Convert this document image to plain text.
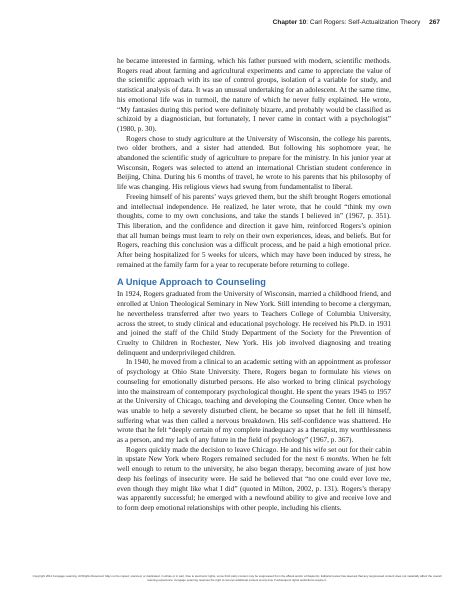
Chapter 10: Carl Rogers: Self-Actualization Theory 267

he became interested in farming, which his father pursued with modern, scientific methods. Rogers read about farming and agricultural experiments and came to appreciate the value of the scientific approach with its use of control groups, isolation of a variable for study, and statistical analysis of data. It was an unusual undertaking for an adolescent. At the same time, his emotional life was in turmoil, the nature of which he never fully explained. He wrote, “My fantasies during this period were definitely bizarre, and probably would be classified as schizoid by a diagnostician, but fortunately, I never came in contact with a psychologist” (1980, p. 30).

Rogers chose to study agriculture at the University of Wisconsin, the college his parents, two older brothers, and a sister had attended. But following his sophomore year, he abandoned the scientific study of agriculture to prepare for the ministry. In his junior year at Wisconsin, Rogers was selected to attend an international Christian student conference in Beijing, China. During his 6 months of travel, he wrote to his parents that his philosophy of life was changing. His religious views had swung from fundamentalist to liberal.

Freeing himself of his parents’ ways grieved them, but the shift brought Rogers emotional and intellectual independence. He realized, he later wrote, that he could “think my own thoughts, come to my own conclusions, and take the stands I believed in” (1967, p. 351). This liberation, and the confidence and direction it gave him, reinforced Rogers’s opinion that all human beings must learn to rely on their own experiences, ideas, and beliefs. But for Rogers, reaching this conclusion was a difficult process, and he paid a high emotional price. After being hospitalized for 5 weeks for ulcers, which may have been induced by stress, he remained at the family farm for a year to recuperate before returning to college.

A Unique Approach to Counseling

In 1924, Rogers graduated from the University of Wisconsin, married a childhood friend, and enrolled at Union Theological Seminary in New York. Still intending to become a clergyman, he nevertheless transferred after two years to Teachers College of Columbia University, across the street, to study clinical and educational psychology. He received his Ph.D. in 1931 and joined the staff of the Child Study Department of the Society for the Prevention of Cruelty to Children in Rochester, New York. His job involved diagnosing and treating delinquent and underprivileged children.

In 1940, he moved from a clinical to an academic setting with an appointment as professor of psychology at Ohio State University. There, Rogers began to formulate his views on counseling for emotionally disturbed persons. He also worked to bring clinical psychology into the mainstream of contemporary psychological thought. He spent the years 1945 to 1957 at the University of Chicago, teaching and developing the Counseling Center. Once when he was unable to help a severely disturbed client, he became so upset that he fell ill himself, suffering what was then called a nervous breakdown. His self-confidence was shattered. He wrote that he felt “deeply certain of my complete inadequacy as a therapist, my worthlessness as a person, and my lack of any future in the field of psychology” (1967, p. 367).

Rogers quickly made the decision to leave Chicago. He and his wife set out for their cabin in upstate New York where Rogers remained secluded for the next 6 months. When he felt well enough to return to the university, he also began therapy, becoming aware of just how deep his feelings of insecurity were. He said he believed that “no one could ever love me, even though they might like what I did” (quoted in Milton, 2002, p. 131). Rogers’s therapy was apparently successful; he emerged with a newfound ability to give and receive love and to form deep emotional relationships with other people, including his clients.

Copyright 2012 Cengage Learning. All Rights Reserved. May not be copied, scanned, or duplicated, in whole or in part. Due to electronic rights, some third party content may be suppressed from the eBook and/or eChapter(s). Editorial review has deemed that any suppressed content does not materially affect the overall learning experience. Cengage Learning reserves the right to remove additional content at any time if subsequent rights restrictions require it.
